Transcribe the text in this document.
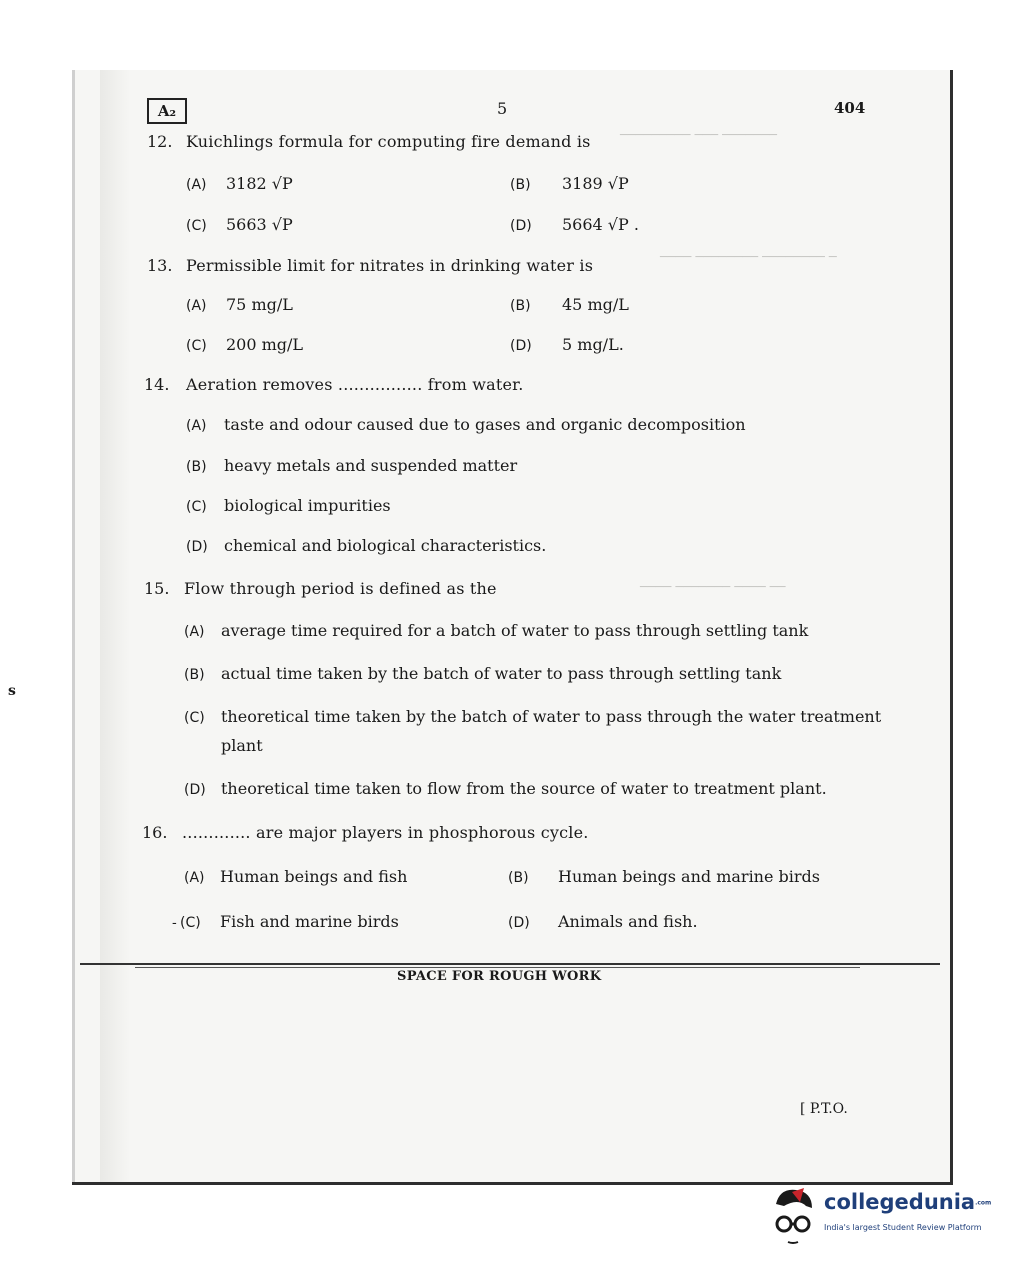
───────── ─── ───────
──── ──────── ──────── ─
──── ─────── ──── ──
s
A₂	5	404
12. Kuichlings formula for computing fire demand is
(A) 3182 √P	(B) 3189 √P
(C) 5663 √P	(D) 5664 √P .
13. Permissible limit for nitrates in drinking water is
(A) 75 mg/L	(B) 45 mg/L
(C) 200 mg/L	(D) 5 mg/L.
14. Aeration removes ................ from water.
(A) taste and odour caused due to gases and organic decomposition
(B) heavy metals and suspended matter
(C) biological impurities
(D) chemical and biological characteristics.
15. Flow through period is defined as the
(A) average time required for a batch of water to pass through settling tank
(B) actual time taken by the batch of water to pass through settling tank
(C) theoretical time taken by the batch of water to pass through the water treatment
plant
(D) theoretical time taken to flow from the source of water to treatment plant.
16. ............. are major players in phosphorous cycle.
(A) Human beings and fish	(B) Human beings and marine birds
- (C) Fish and marine birds	(D) Animals and fish.
SPACE FOR ROUGH WORK
[ P.T.O.
collegedunia.com
India's largest Student Review Platform
